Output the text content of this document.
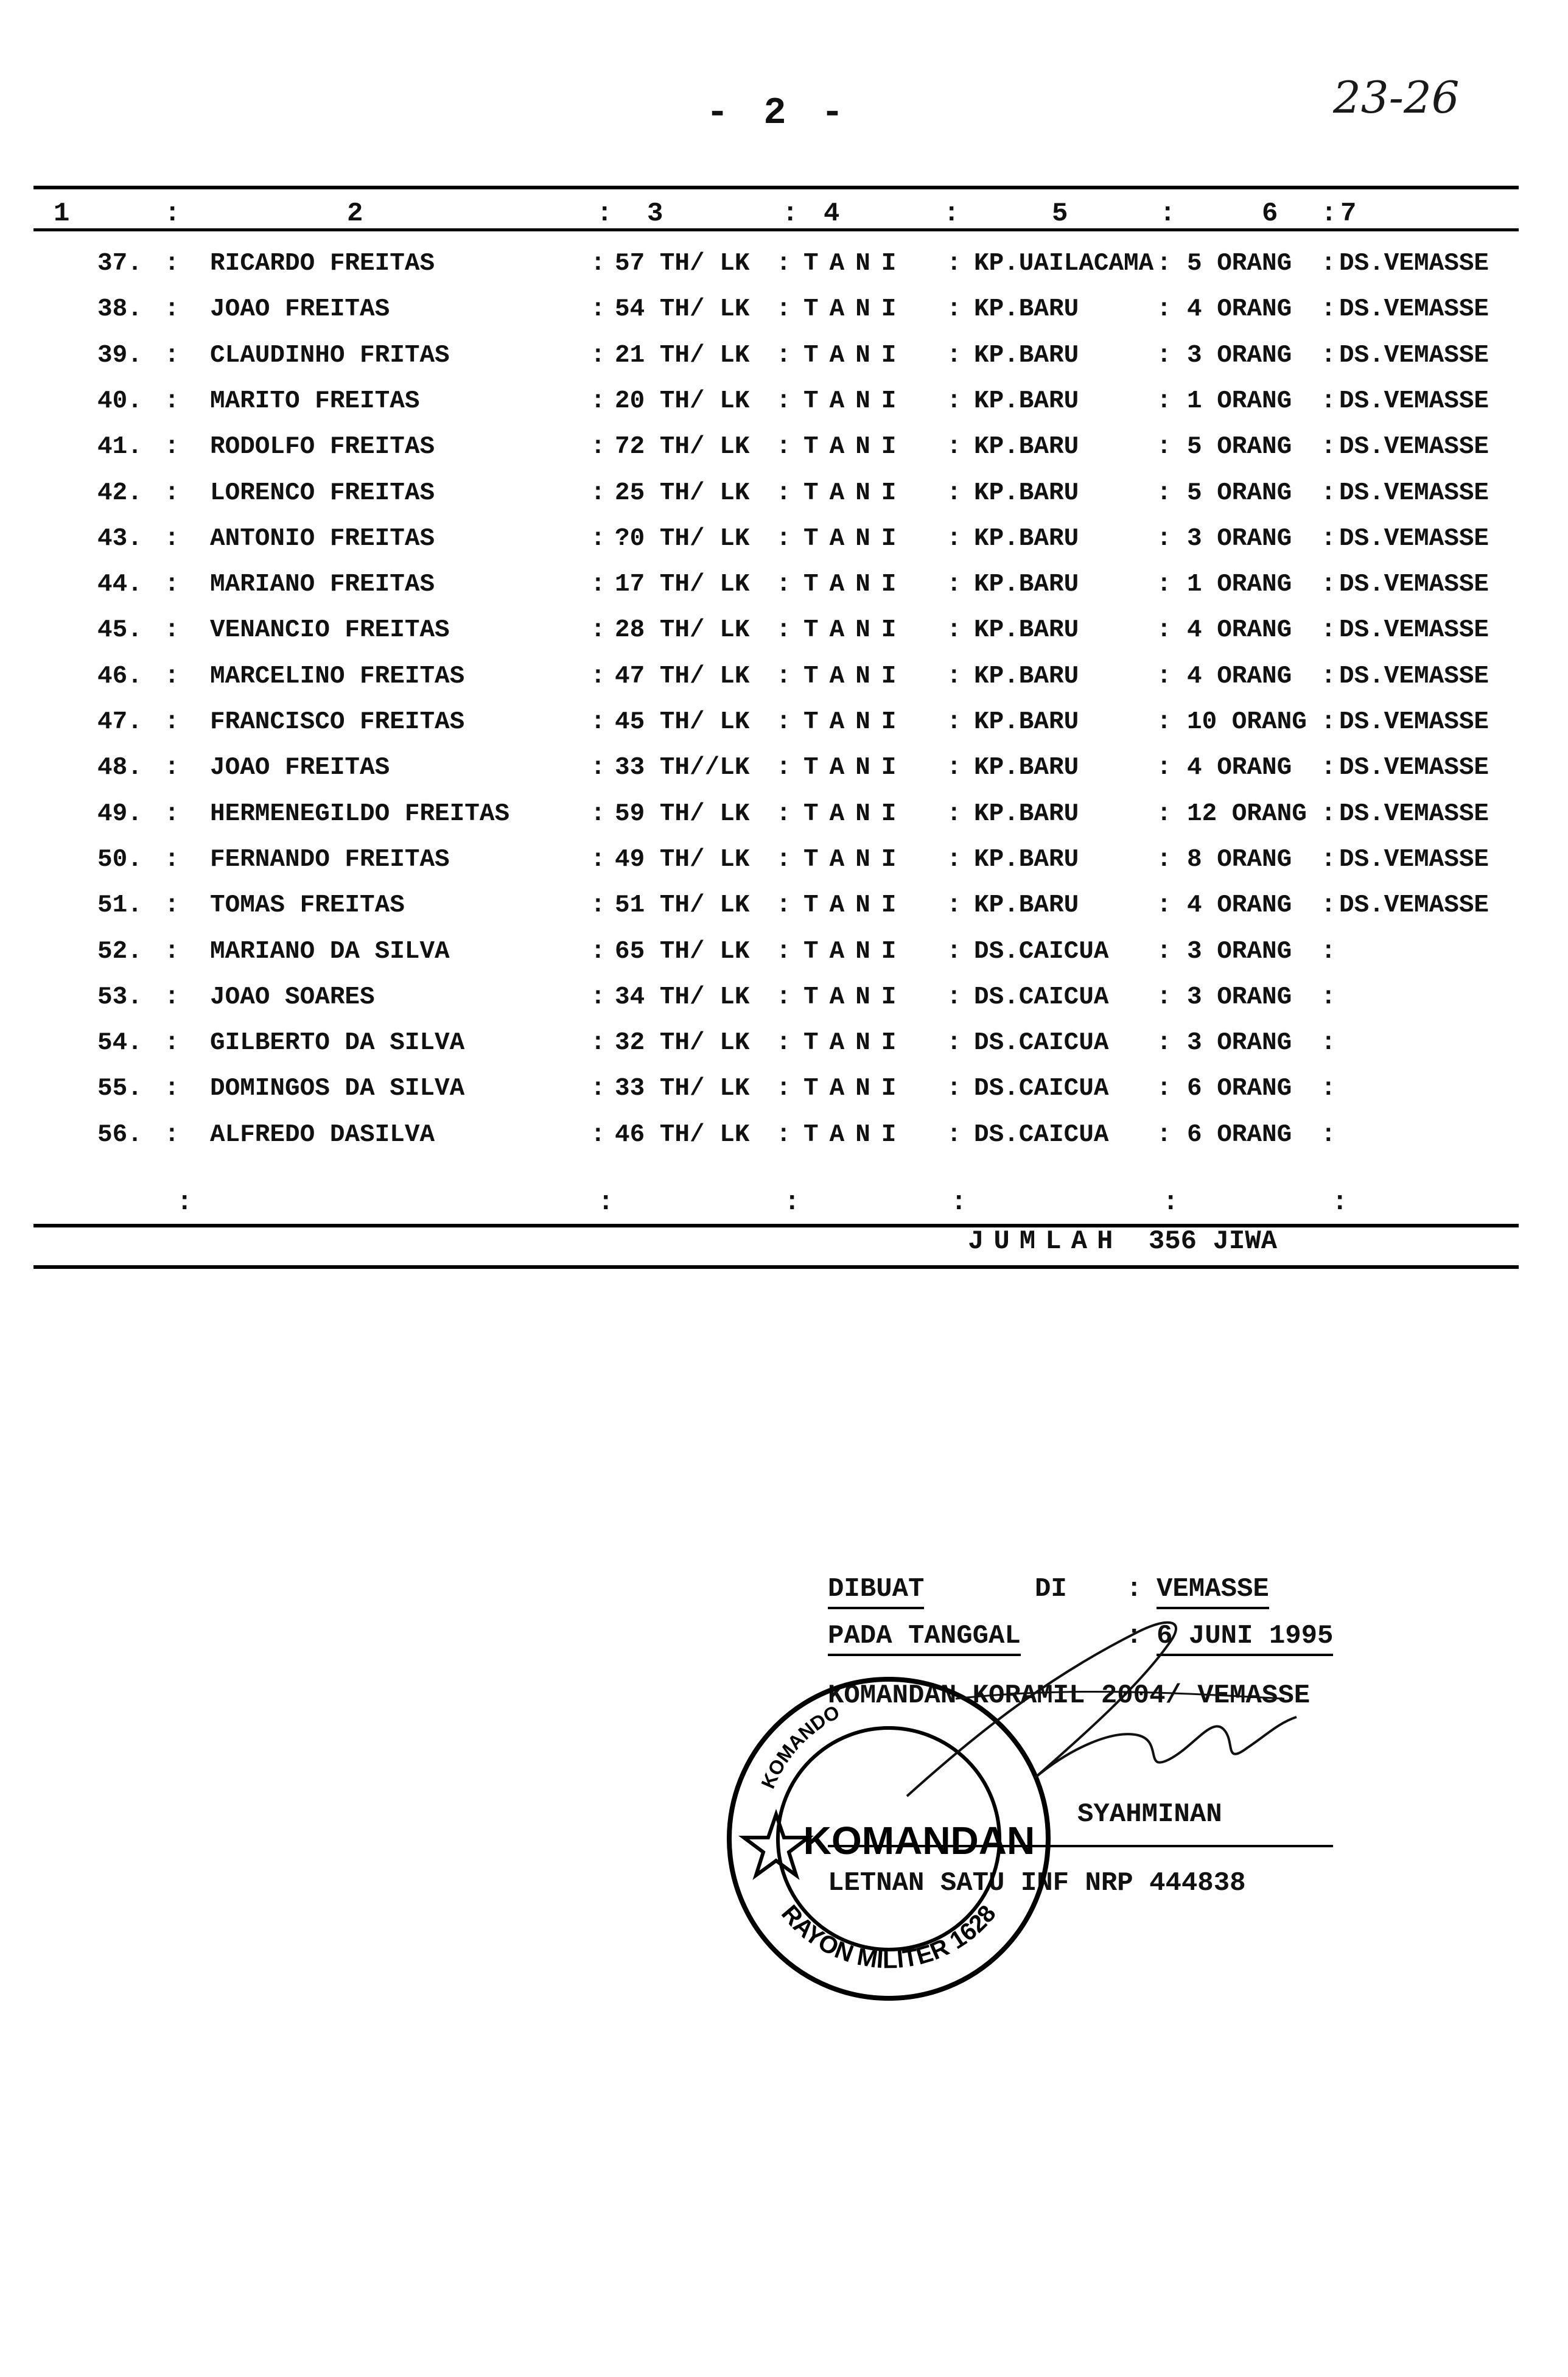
- 2 -	23-26
1	2	3	4	5	6 7
:	:	:	:	:	:
37. : RICARDO FREITAS	: 57 TH/ LK : TANI : KP.UAILACAMA : 5 ORANG : DS.VEMASSE
38. : JOAO FREITAS	: 54 TH/ LK : TANI : KP.BARU	: 4 ORANG : DS.VEMASSE
39. : CLAUDINHO FRITAS	: 21 TH/ LK : TANI : KP.BARU	: 3 ORANG : DS.VEMASSE
40. : MARITO FREITAS	: 20 TH/ LK : TANI : KP.BARU	: 1 ORANG : DS.VEMASSE
41. : RODOLFO FREITAS	: 72 TH/ LK : TANI : KP.BARU	: 5 ORANG : DS.VEMASSE
42. : LORENCO FREITAS	: 25 TH/ LK : TANI : KP.BARU	: 5 ORANG : DS.VEMASSE
43. : ANTONIO FREITAS	: ?0 TH/ LK : TANI : KP.BARU	: 3 ORANG : DS.VEMASSE
44. : MARIANO FREITAS	: 17 TH/ LK : TANI : KP.BARU	: 1 ORANG : DS.VEMASSE
45. : VENANCIO FREITAS	: 28 TH/ LK : TANI : KP.BARU	: 4 ORANG : DS.VEMASSE
46. : MARCELINO FREITAS	: 47 TH/ LK : TANI : KP.BARU	: 4 ORANG : DS.VEMASSE
47. : FRANCISCO FREITAS	: 45 TH/ LK : TANI : KP.BARU	: 10 ORANG : DS.VEMASSE
48. : JOAO FREITAS	: 33 TH//LK : TANI : KP.BARU	: 4 ORANG : DS.VEMASSE
49. : HERMENEGILDO FREITAS	: 59 TH/ LK : TANI : KP.BARU	: 12 ORANG : DS.VEMASSE
50. : FERNANDO FREITAS	: 49 TH/ LK : TANI : KP.BARU	: 8 ORANG : DS.VEMASSE
51. : TOMAS FREITAS	: 51 TH/ LK : TANI : KP.BARU	: 4 ORANG : DS.VEMASSE
52. : MARIANO DA SILVA	: 65 TH/ LK : TANI : DS.CAICUA : 3 ORANG :
53. : JOAO SOARES	: 34 TH/ LK : TANI : DS.CAICUA : 3 ORANG :
54. : GILBERTO DA SILVA	: 32 TH/ LK : TANI : DS.CAICUA : 3 ORANG :
55. : DOMINGOS DA SILVA	: 33 TH/ LK : TANI : DS.CAICUA : 6 ORANG :
56. : ALFREDO DASILVA	: 46 TH/ LK : TANI : DS.CAICUA : 6 ORANG :
:	:	:	:	:	:
JUMLAH 356 JIWA
DIBUAT	DI : VEMASSE
PADA TANGGAL	: 6 JUNI 1995
KOMANDAN KORAMIL 2004/ VEMASSE
SYAHMINAN
LETNAN SATU INF NRP 444838
KOMANDAN
RAYON MILITER 1628
KOMANDO
